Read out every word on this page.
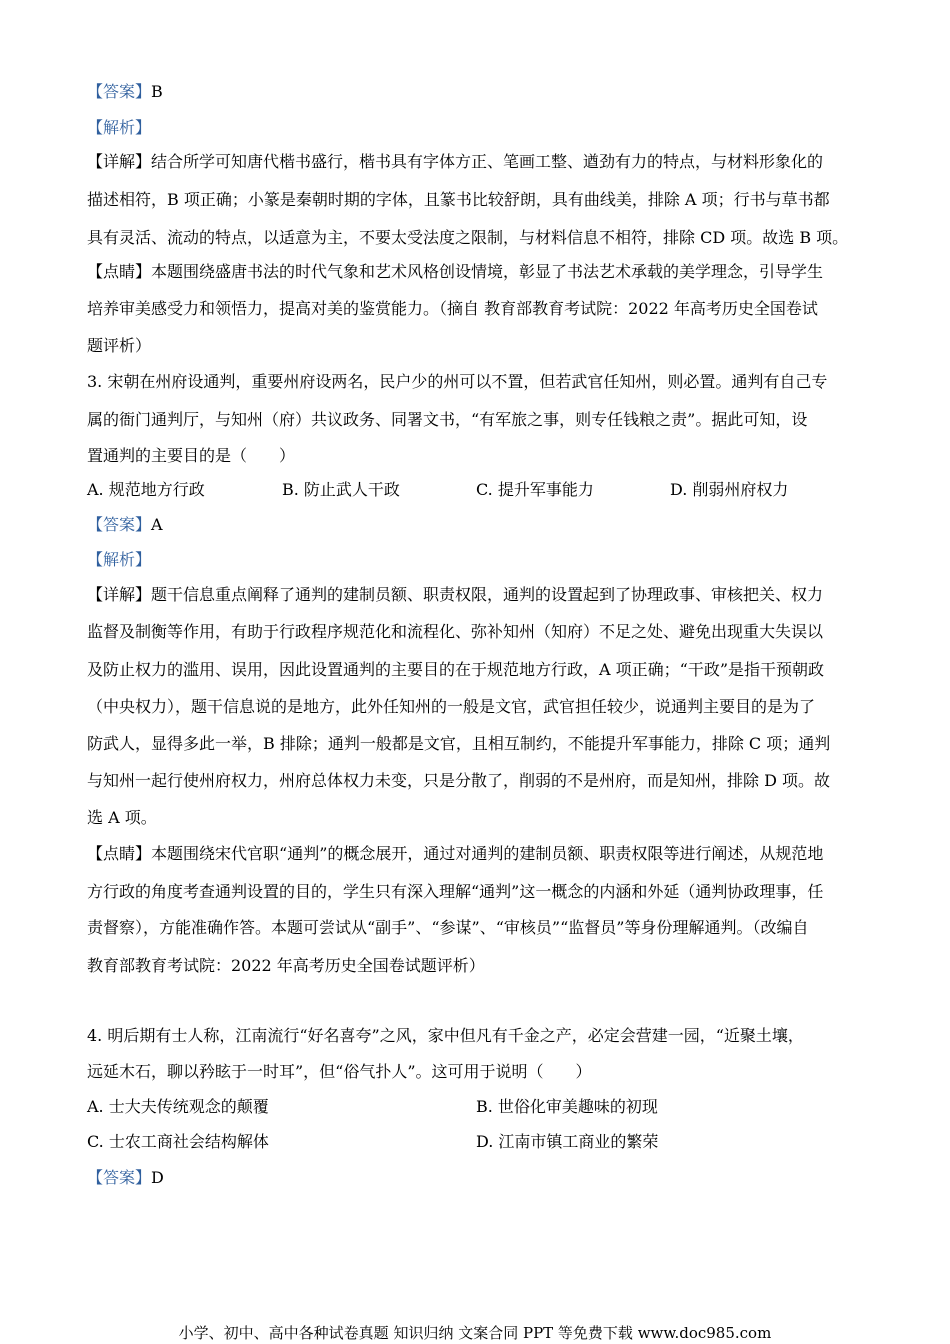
【答案】B
【解析】
【详解】结合所学可知唐代楷书盛行，楷书具有字体方正、笔画工整、遒劲有力的特点，与材料形象化的
描述相符，B 项正确；小篆是秦朝时期的字体，且篆书比较舒朗，具有曲线美，排除 A 项；行书与草书都
具有灵活、流动的特点，以适意为主，不要太受法度之限制，与材料信息不相符，排除 CD 项。故选 B 项。
【点睛】本题围绕盛唐书法的时代气象和艺术风格创设情境，彰显了书法艺术承载的美学理念，引导学生
培养审美感受力和领悟力，提高对美的鉴赏能力。（摘自 教育部教育考试院：2022 年高考历史全国卷试
题评析）
3. 宋朝在州府设通判，重要州府设两名，民户少的州可以不置，但若武官任知州，则必置。通判有自己专
属的衙门通判厅，与知州（府）共议政务、同署文书，“有军旅之事，则专任钱粮之责”。据此可知，设
置通判的主要目的是（　　）
A. 规范地方行政	B. 防止武人干政	C. 提升军事能力	D. 削弱州府权力
【答案】A
【解析】
【详解】题干信息重点阐释了通判的建制员额、职责权限，通判的设置起到了协理政事、审核把关、权力
监督及制衡等作用，有助于行政程序规范化和流程化、弥补知州（知府）不足之处、避免出现重大失误以
及防止权力的滥用、误用，因此设置通判的主要目的在于规范地方行政，A 项正确；“干政”是指干预朝政
（中央权力），题干信息说的是地方，此外任知州的一般是文官，武官担任较少，说通判主要目的是为了
防武人，显得多此一举，B 排除；通判一般都是文官，且相互制约，不能提升军事能力，排除 C 项；通判
与知州一起行使州府权力，州府总体权力未变，只是分散了，削弱的不是州府，而是知州，排除 D 项。故
选 A 项。
【点睛】本题围绕宋代官职“通判”的概念展开，通过对通判的建制员额、职责权限等进行阐述，从规范地
方行政的角度考查通判设置的目的，学生只有深入理解“通判”这一概念的内涵和外延（通判协政理事，任
责督察），方能准确作答。本题可尝试从“副手”、“参谋”、“审核员”“监督员”等身份理解通判。（改编自
教育部教育考试院：2022 年高考历史全国卷试题评析）
4. 明后期有士人称，江南流行“好名喜夸”之风，家中但凡有千金之产，必定会营建一园，“近聚土壤，
远延木石，聊以矜眩于一时耳”，但“俗气扑人”。这可用于说明（　　）
A. 士大夫传统观念的颠覆	B. 世俗化审美趣味的初现
C. 士农工商社会结构解体	D. 江南市镇工商业的繁荣
【答案】D
小学、初中、高中各种试卷真题 知识归纳 文案合同 PPT 等免费下载 www.doc985.com
